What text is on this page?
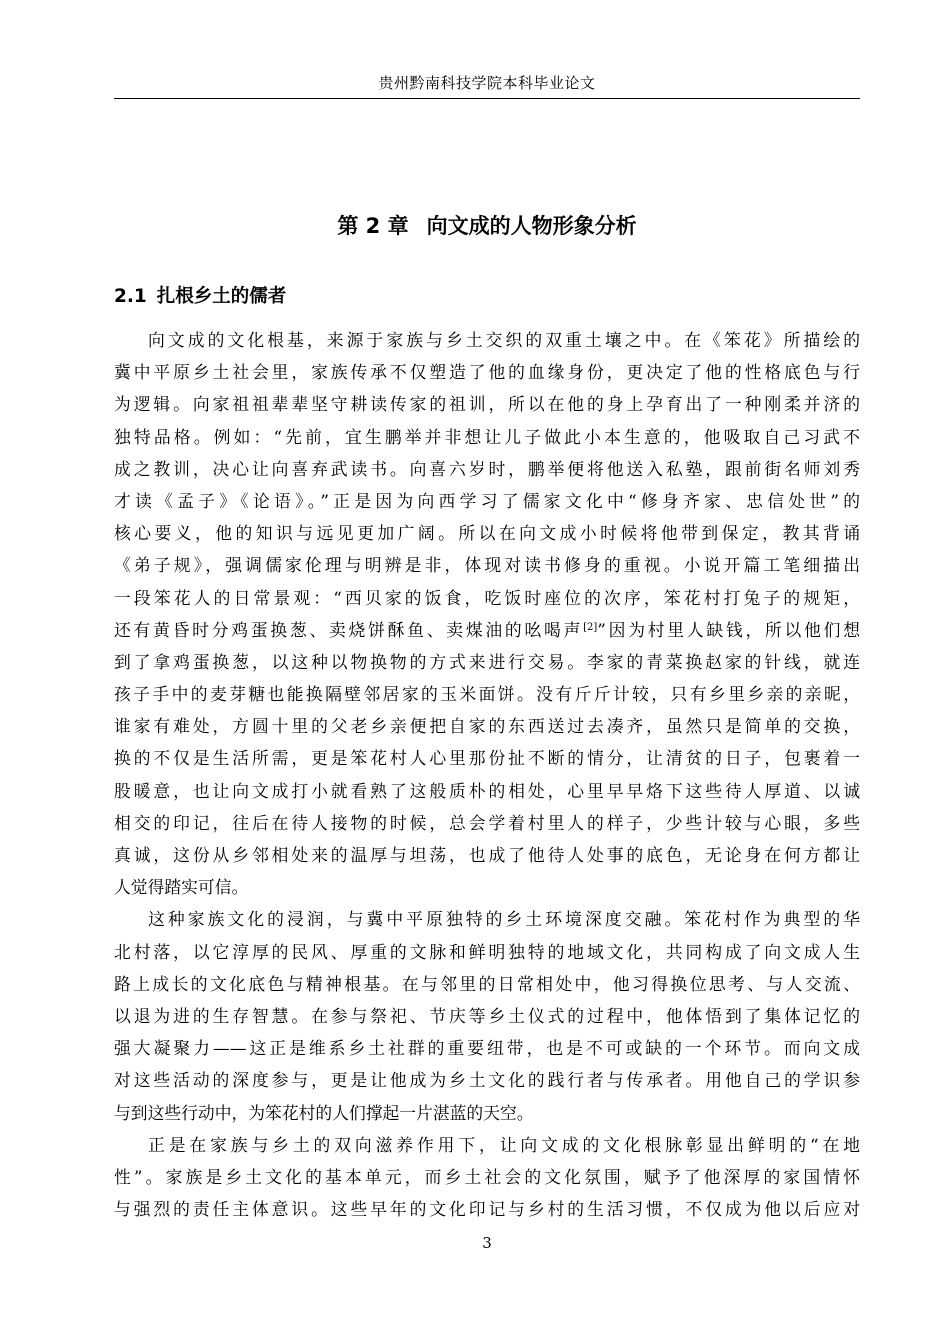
贵州黔南科技学院本科毕业论文
第 2 章 向文成的人物形象分析
2.1 扎根乡土的儒者
向文成的文化根基，来源于家族与乡土交织的双重土壤之中。在《笨花》所描绘的
冀中平原乡土社会里，家族传承不仅塑造了他的血缘身份，更决定了他的性格底色与行
为逻辑。向家祖祖辈辈坚守耕读传家的祖训，所以在他的身上孕育出了一种刚柔并济的
独特品格。例如：“先前，宜生鹏举并非想让儿子做此小本生意的，他吸取自己习武不
成之教训，决心让向喜弃武读书。向喜六岁时，鹏举便将他送入私塾，跟前街名师刘秀
才读《孟子》《论语》。”正是因为向西学习了儒家文化中“修身齐家、忠信处世”的
核心要义，他的知识与远见更加广阔。所以在向文成小时候将他带到保定，教其背诵
《弟子规》，强调儒家伦理与明辨是非，体现对读书修身的重视。小说开篇工笔细描出
一段笨花人的日常景观：“西贝家的饭食，吃饭时座位的次序，笨花村打兔子的规矩，
还有黄昏时分鸡蛋换葱、卖烧饼酥鱼、卖煤油的吆喝声[2]”因为村里人缺钱，所以他们想
到了拿鸡蛋换葱，以这种以物换物的方式来进行交易。李家的青菜换赵家的针线，就连
孩子手中的麦芽糖也能换隔壁邻居家的玉米面饼。没有斤斤计较，只有乡里乡亲的亲昵，
谁家有难处，方圆十里的父老乡亲便把自家的东西送过去凑齐，虽然只是简单的交换，
换的不仅是生活所需，更是笨花村人心里那份扯不断的情分，让清贫的日子，包裹着一
股暖意，也让向文成打小就看熟了这般质朴的相处，心里早早烙下这些待人厚道、以诚
相交的印记，往后在待人接物的时候，总会学着村里人的样子，少些计较与心眼，多些
真诚，这份从乡邻相处来的温厚与坦荡，也成了他待人处事的底色，无论身在何方都让
人觉得踏实可信。
这种家族文化的浸润，与冀中平原独特的乡土环境深度交融。笨花村作为典型的华
北村落，以它淳厚的民风、厚重的文脉和鲜明独特的地域文化，共同构成了向文成人生
路上成长的文化底色与精神根基。在与邻里的日常相处中，他习得换位思考、与人交流、
以退为进的生存智慧。在参与祭祀、节庆等乡土仪式的过程中，他体悟到了集体记忆的
强大凝聚力——这正是维系乡土社群的重要纽带，也是不可或缺的一个环节。而向文成
对这些活动的深度参与，更是让他成为乡土文化的践行者与传承者。用他自己的学识参
与到这些行动中，为笨花村的人们撑起一片湛蓝的天空。
正是在家族与乡土的双向滋养作用下，让向文成的文化根脉彰显出鲜明的“在地
性”。家族是乡土文化的基本单元，而乡土社会的文化氛围，赋予了他深厚的家国情怀
与强烈的责任主体意识。这些早年的文化印记与乡村的生活习惯，不仅成为他以后应对
3
